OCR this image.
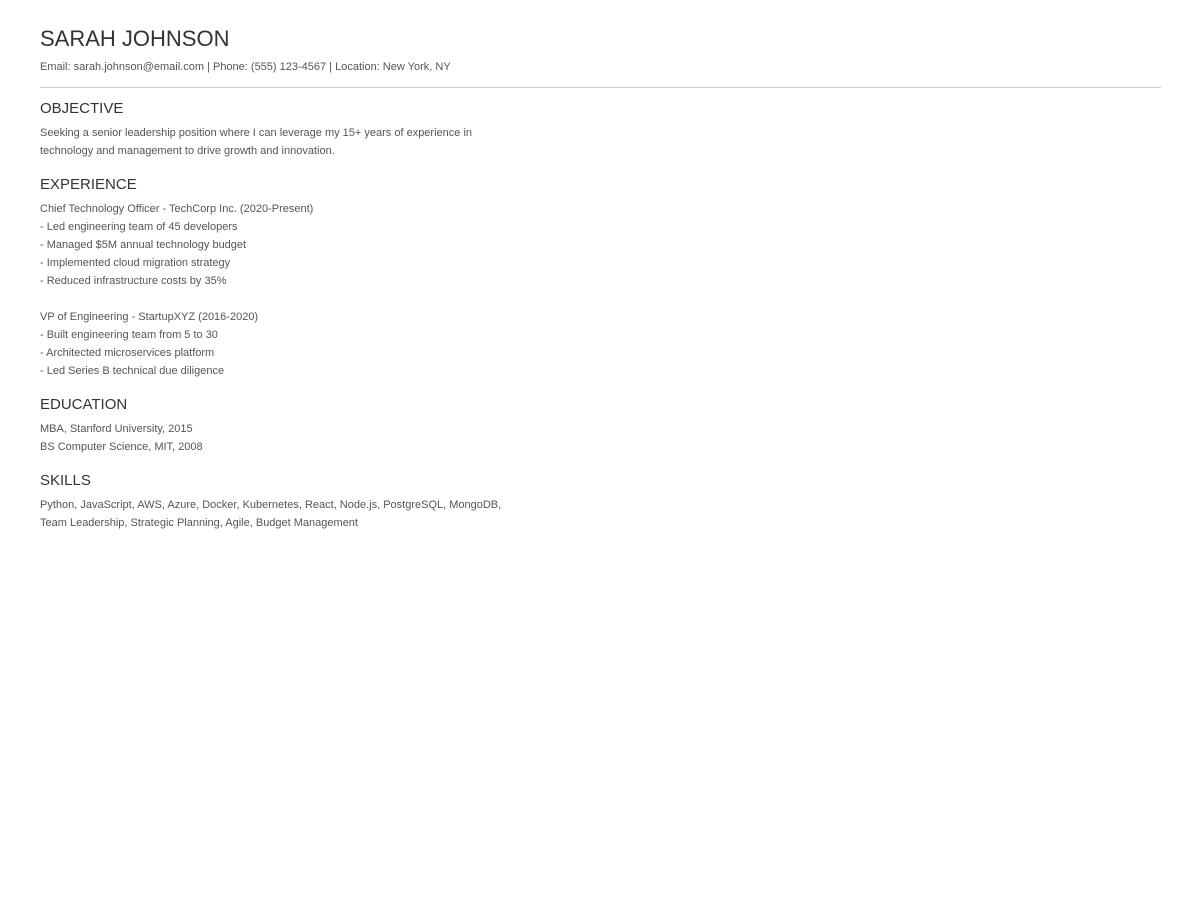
SARAH JOHNSON
Email: sarah.johnson@email.com | Phone: (555) 123-4567 | Location: New York, NY
OBJECTIVE
Seeking a senior leadership position where I can leverage my 15+ years of experience in
technology and management to drive growth and innovation.
EXPERIENCE
Chief Technology Officer - TechCorp Inc. (2020-Present)
- Led engineering team of 45 developers
- Managed $5M annual technology budget
- Implemented cloud migration strategy
- Reduced infrastructure costs by 35%
VP of Engineering - StartupXYZ (2016-2020)
- Built engineering team from 5 to 30
- Architected microservices platform
- Led Series B technical due diligence
EDUCATION
MBA, Stanford University, 2015
BS Computer Science, MIT, 2008
SKILLS
Python, JavaScript, AWS, Azure, Docker, Kubernetes, React, Node.js, PostgreSQL, MongoDB,
Team Leadership, Strategic Planning, Agile, Budget Management
